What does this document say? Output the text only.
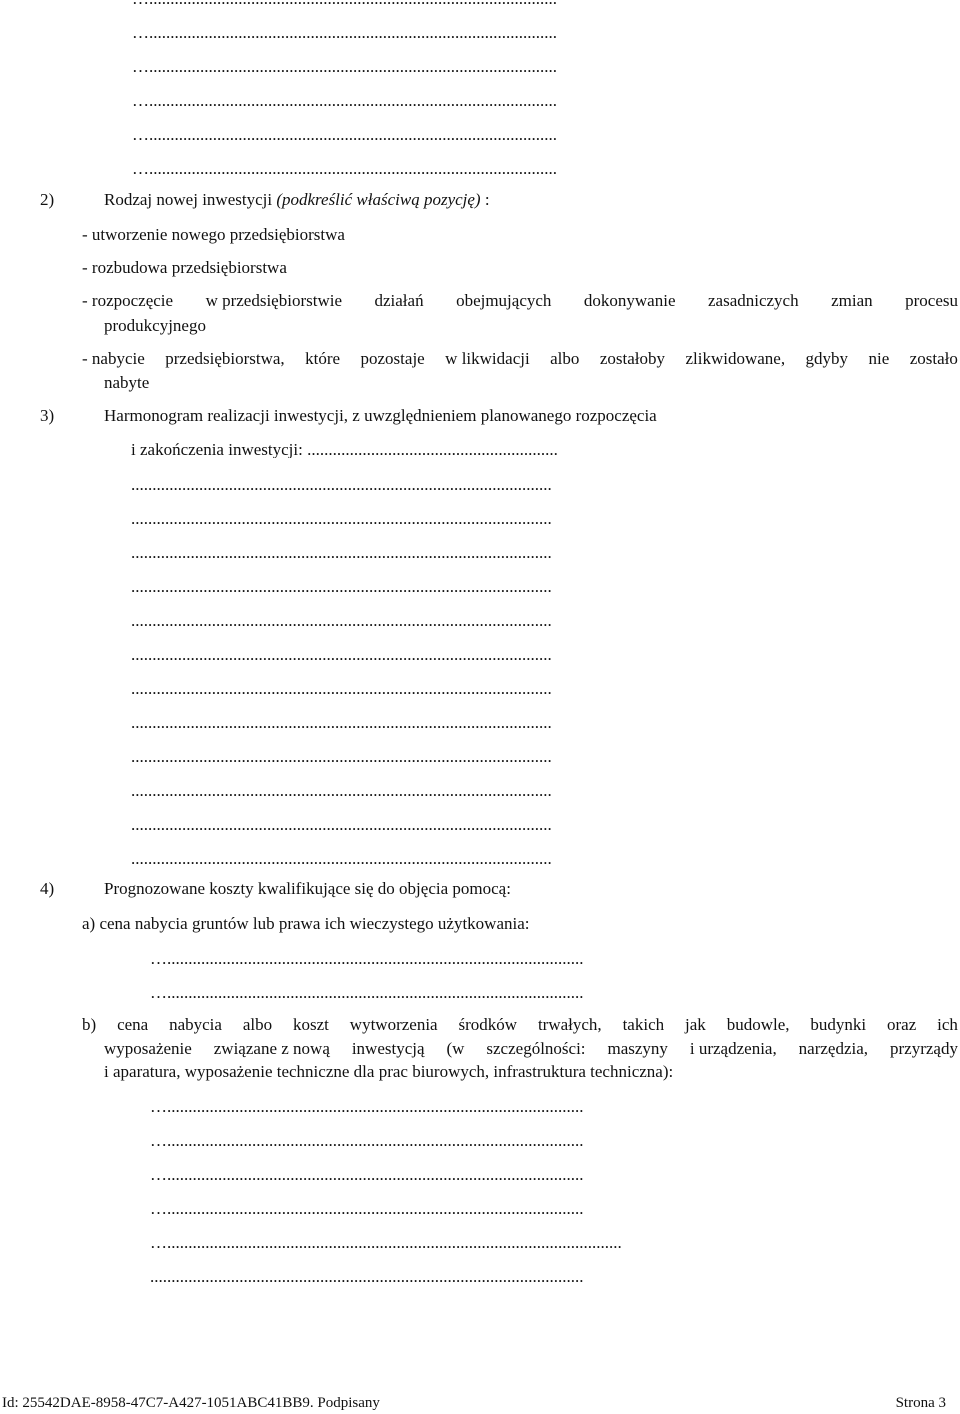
…................................................................................................
…................................................................................................
…................................................................................................
…................................................................................................
…................................................................................................
2)	Rodzaj nowej inwestycji (podkreślić właściwą pozycję) :
- utworzenie nowego przedsiębiorstwa
- rozbudowa przedsiębiorstwa
- rozpoczęcie w przedsiębiorstwie działań obejmujących dokonywanie zasadniczych zmian procesu
produkcyjnego
- nabycie przedsiębiorstwa, które pozostaje w likwidacji albo zostałoby zlikwidowane, gdyby nie zostało
nabyte
3)	Harmonogram realizacji inwestycji, z uwzględnieniem planowanego rozpoczęcia
i zakończenia inwestycji: ...........................................................
...................................................................................................
...................................................................................................
...................................................................................................
...................................................................................................
...................................................................................................
...................................................................................................
...................................................................................................
...................................................................................................
...................................................................................................
...................................................................................................
...................................................................................................
...................................................................................................
4)	Prognozowane koszty kwalifikujące się do objęcia pomocą:
a) cena nabycia gruntów lub prawa ich wieczystego użytkowania:
…..................................................................................................
…..................................................................................................
b) cena nabycia albo koszt wytworzenia środków trwałych, takich jak budowle, budynki oraz ich
wyposażenie związane z nową inwestycją (w szczególności: maszyny i urządzenia, narzędzia, przyrządy
i aparatura, wyposażenie techniczne dla prac biurowych, infrastruktura techniczna):
…..................................................................................................
…..................................................................................................
…..................................................................................................
…..................................................................................................
…...........................................................................................................
......................................................................................................
Id: 25542DAE-8958-47C7-A427-1051ABC41BB9. Podpisany	Strona 3
